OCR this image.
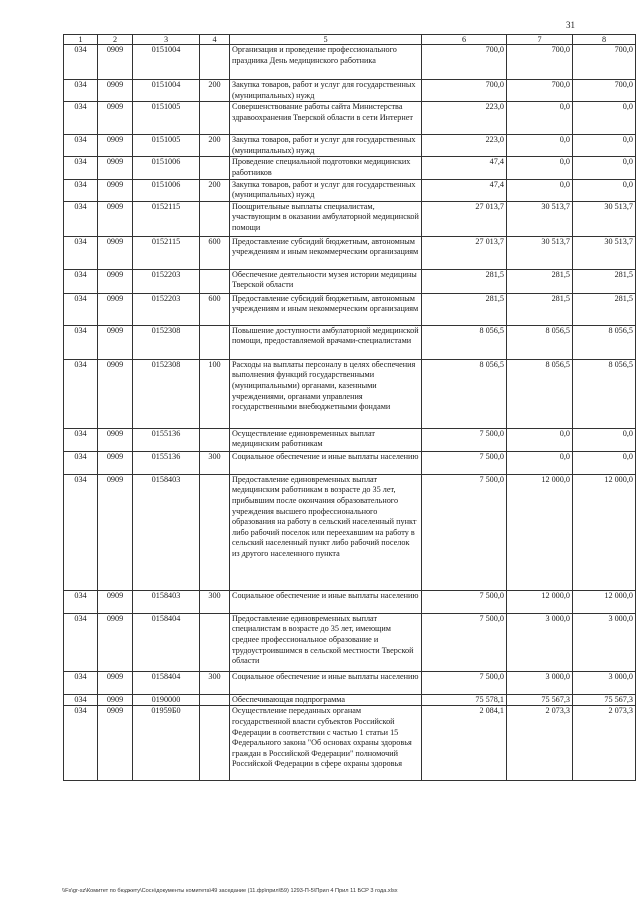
31
1	2	3	4	5	6	7	8
034	0909	0151004		Организация и проведение профессионального праздника День медицинского работника	700,0	700,0	700,0
034	0909	0151004	200	Закупка товаров, работ и услуг для государственных (муниципальных) нужд	700,0	700,0	700,0
034	0909	0151005		Совершенствование работы сайта Министерства здравоохранения Тверской области в сети Интернет	223,0	0,0	0,0
034	0909	0151005	200	Закупка товаров, работ и услуг для государственных (муниципальных) нужд	223,0	0,0	0,0
034	0909	0151006		Проведение специальной подготовки медицинских работников	47,4	0,0	0,0
034	0909	0151006	200	Закупка товаров, работ и услуг для государственных (муниципальных) нужд	47,4	0,0	0,0
034	0909	0152115		Поощрительные выплаты специалистам, участвующим в оказании амбулаторной медицинской помощи	27 013,7	30 513,7	30 513,7
034	0909	0152115	600	Предоставление субсидий бюджетным, автономным учреждениям и иным некоммерческим организациям	27 013,7	30 513,7	30 513,7
034	0909	0152203		Обеспечение деятельности музея истории медицины Тверской области	281,5	281,5	281,5
034	0909	0152203	600	Предоставление субсидий бюджетным, автономным учреждениям и иным некоммерческим организациям	281,5	281,5	281,5
034	0909	0152308		Повышение доступности амбулаторной медицинской помощи, предоставляемой врачами-специалистами	8 056,5	8 056,5	8 056,5
034	0909	0152308	100	Расходы на выплаты персоналу в целях обеспечения выполнения функций государственными (муниципальными) органами, казенными учреждениями, органами управления государственными внебюджетными фондами	8 056,5	8 056,5	8 056,5
034	0909	0155136		Осуществление единовременных выплат медицинским работникам	7 500,0	0,0	0,0
034	0909	0155136	300	Социальное обеспечение и иные выплаты населению	7 500,0	0,0	0,0
034	0909	0158403		Предоставление единовременных выплат медицинским работникам в возрасте до 35 лет, прибывшим после окончания образовательного учреждения высшего профессионального образования на работу в сельский населенный пункт либо рабочий поселок или переехавшим на работу в сельский населенный пункт либо рабочий поселок из другого населенного пункта	7 500,0	12 000,0	12 000,0
034	0909	0158403	300	Социальное обеспечение и иные выплаты населению	7 500,0	12 000,0	12 000,0
034	0909	0158404		Предоставление единовременных выплат специалистам в возрасте до 35 лет, имеющим среднее профессиональное образование и трудоустроившимся в сельской местности Тверской области	7 500,0	3 000,0	3 000,0
034	0909	0158404	300	Социальное обеспечение и иные выплаты населению	7 500,0	3 000,0	3 000,0
034	0909	0190000		Обеспечивающая подпрограмма	75 578,1	75 567,3	75 567,3
034	0909	01959Б0		Осуществление переданных органам государственной власти субъектов Российской Федерации в соответствии с частью 1 статьи 15 Федерального закона "Об основах охраны здоровья граждан в Российской Федерации" полномочий Российской Федерации в сфере охраны здоровья	2 084,1	2 073,3	2 073,3
\\Fs\gr-sz\Комитет по бюджету\Сосн\документы комитета\49 заседание (11.фр\прил\Б9) 1293-П-5\Прил 4 Прил 11 БСР 3 года.xlsx
